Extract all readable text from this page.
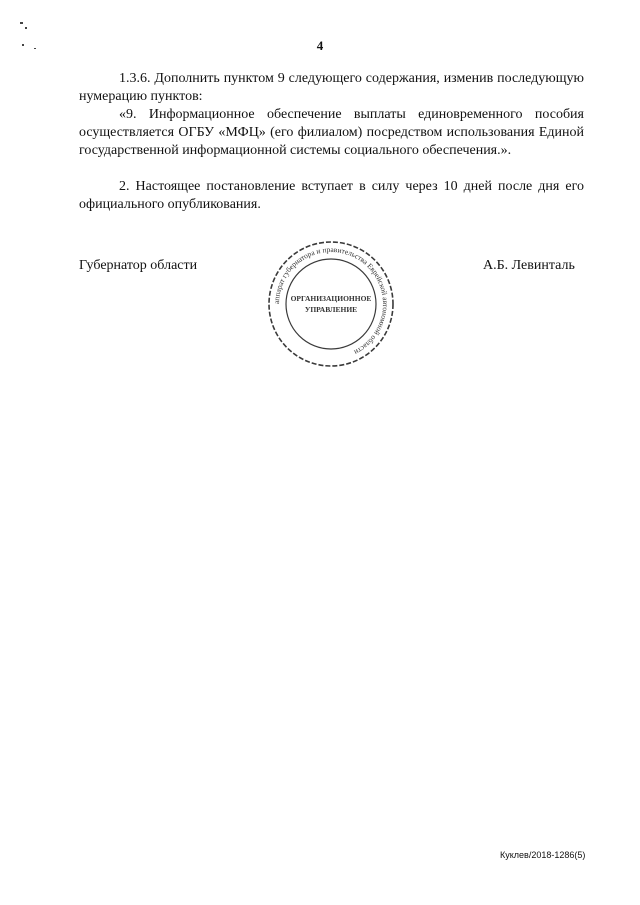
4
1.3.6. Дополнить пунктом 9 следующего содержания, изменив последующую нумерацию пунктов:
«9. Информационное обеспечение выплаты единовременного пособия осуществляется ОГБУ «МФЦ» (его филиалом) посредством использования Единой государственной информационной системы социального обеспечения.».
2. Настоящее постановление вступает в силу через 10 дней после дня его официального опубликования.
Губернатор области	А.Б. Левинталь
аппарат губернатора и правительства Еврейской автономной области
ОРГАНИЗАЦИОННОЕ
УПРАВЛЕНИЕ
Куклев/2018-1286(5)
